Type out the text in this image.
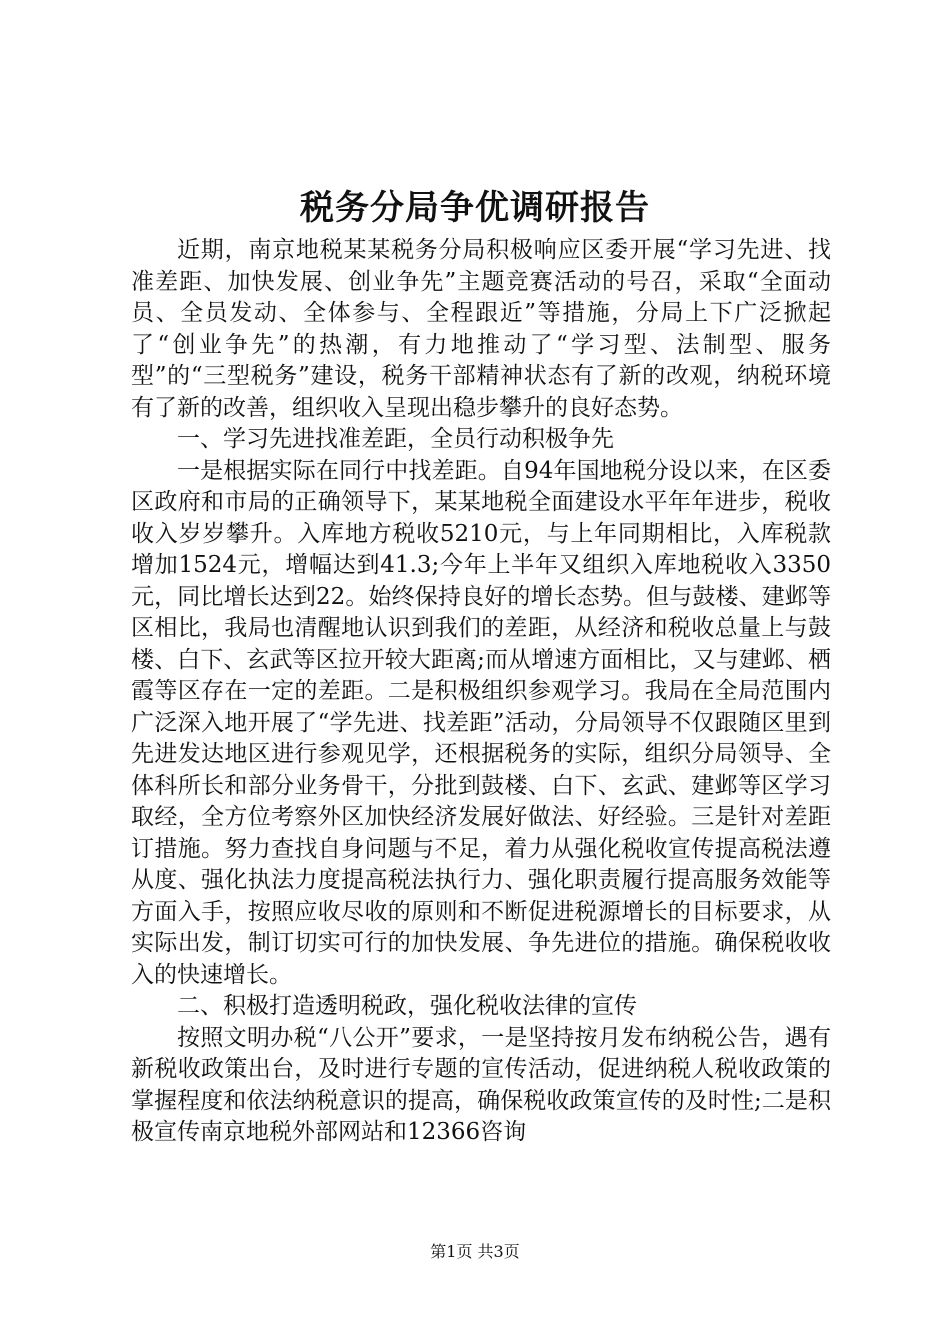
税务分局争优调研报告

近期，南京地税某某税务分局积极响应区委开展“学习先进、找准差距、加快发展、创业争先”主题竞赛活动的号召，采取“全面动员、全员发动、全体参与、全程跟近”等措施，分局上下广泛掀起了“创业争先”的热潮，有力地推动了“学习型、法制型、服务型”的“三型税务”建设，税务干部精神状态有了新的改观，纳税环境有了新的改善，组织收入呈现出稳步攀升的良好态势。

一、学习先进找准差距，全员行动积极争先

一是根据实际在同行中找差距。自94年国地税分设以来，在区委区政府和市局的正确领导下，某某地税全面建设水平年年进步，税收收入岁岁攀升。入库地方税收5210元，与上年同期相比，入库税款增加1524元，增幅达到41.3;今年上半年又组织入库地税收入3350元，同比增长达到22。始终保持良好的增长态势。但与鼓楼、建邺等区相比，我局也清醒地认识到我们的差距，从经济和税收总量上与鼓楼、白下、玄武等区拉开较大距离;而从增速方面相比，又与建邺、栖霞等区存在一定的差距。二是积极组织参观学习。我局在全局范围内广泛深入地开展了“学先进、找差距”活动，分局领导不仅跟随区里到先进发达地区进行参观见学，还根据税务的实际，组织分局领导、全体科所长和部分业务骨干，分批到鼓楼、白下、玄武、建邺等区学习取经，全方位考察外区加快经济发展好做法、好经验。三是针对差距订措施。努力查找自身问题与不足，着力从强化税收宣传提高税法遵从度、强化执法力度提高税法执行力、强化职责履行提高服务效能等方面入手，按照应收尽收的原则和不断促进税源增长的目标要求，从实际出发，制订切实可行的加快发展、争先进位的措施。确保税收收入的快速增长。

二、积极打造透明税政，强化税收法律的宣传

按照文明办税“八公开”要求，一是坚持按月发布纳税公告，遇有新税收政策出台，及时进行专题的宣传活动，促进纳税人税收政策的掌握程度和依法纳税意识的提高，确保税收政策宣传的及时性;二是积极宣传南京地税外部网站和12366咨询

第1页 共3页
